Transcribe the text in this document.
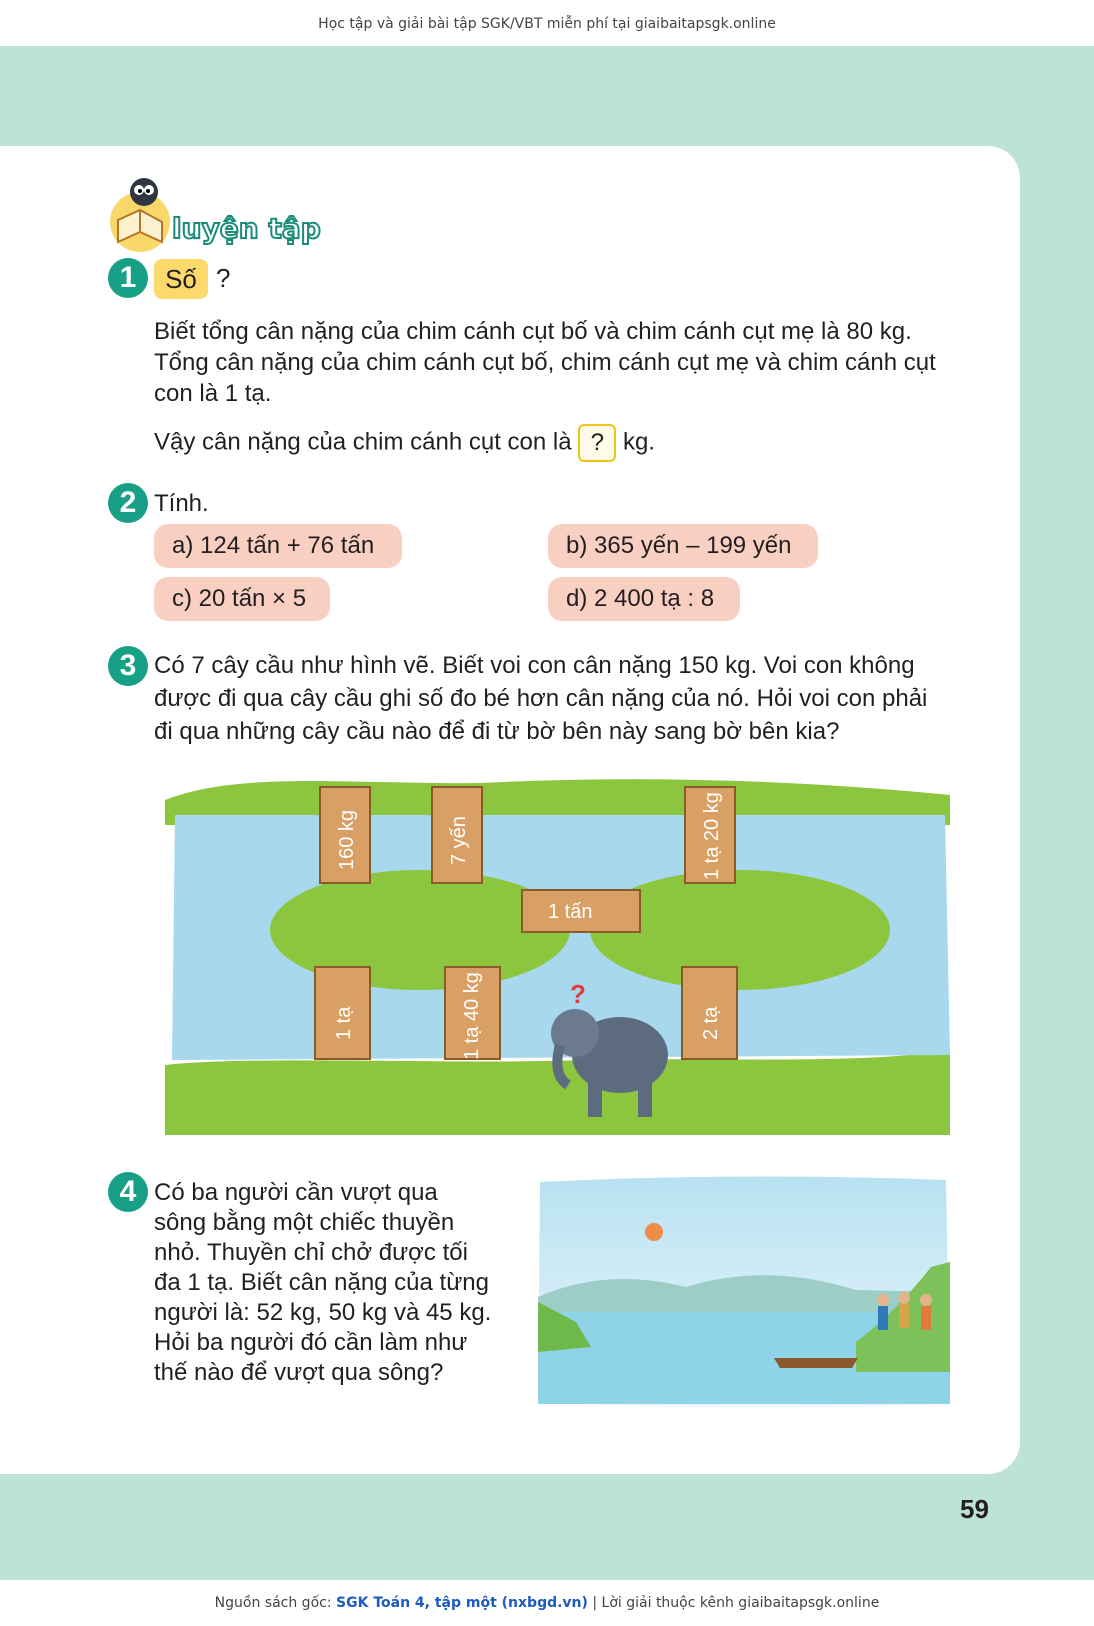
Học tập và giải bài tập SGK/VBT miễn phí tại giaibaitapsgk.online
luyện tập
1	Số ?
Biết tổng cân nặng của chim cánh cụt bố và chim cánh cụt mẹ là 80 kg.
Tổng cân nặng của chim cánh cụt bố, chim cánh cụt mẹ và chim cánh cụt
con là 1 tạ.
Vậy cân nặng của chim cánh cụt con là ? kg.
2 Tính.
a) 124 tấn + 76 tấn	b) 365 yến – 199 yến
c) 20 tấn × 5	d) 2 400 tạ : 8
3 Có 7 cây cầu như hình vẽ. Biết voi con cân nặng 150 kg. Voi con không
được đi qua cây cầu ghi số đo bé hơn cân nặng của nó. Hỏi voi con phải
đi qua những cây cầu nào để đi từ bờ bên này sang bờ bên kia?
160 kg	7 yến	1 tạ 20 kg
1 tấn
1 tạ	1 tạ 40 kg	2 tạ
?
4 Có ba người cần vượt qua
sông bằng một chiếc thuyền
nhỏ. Thuyền chỉ chở được tối
đa 1 tạ. Biết cân nặng của từng
người là: 52 kg, 50 kg và 45 kg.
Hỏi ba người đó cần làm như
thế nào để vượt qua sông?
59
Nguồn sách gốc: SGK Toán 4, tập một (nxbgd.vn) | Lời giải thuộc kênh giaibaitapsgk.online
